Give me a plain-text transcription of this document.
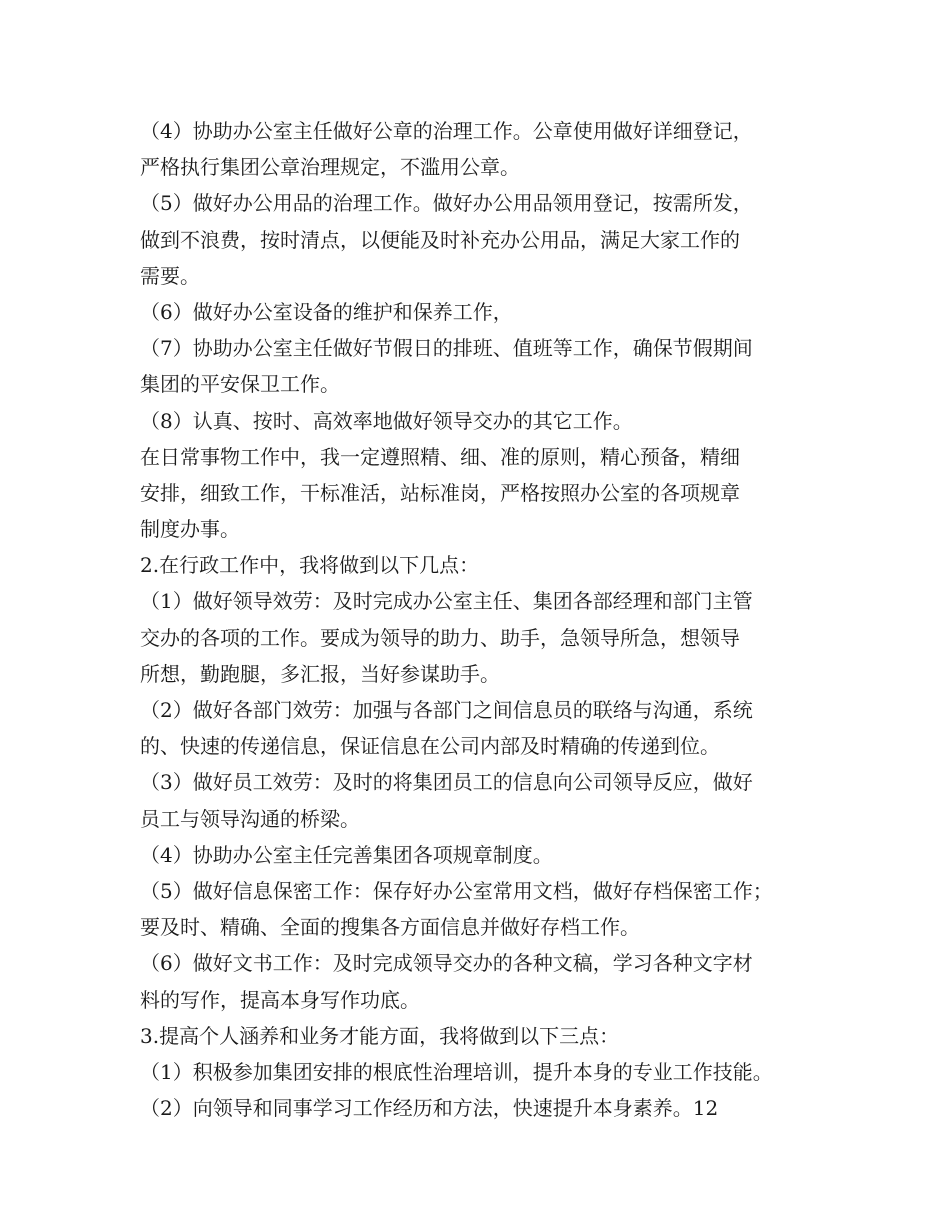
（4）协助办公室主任做好公章的治理工作。公章使用做好详细登记，
严格执行集团公章治理规定，不滥用公章。
（5）做好办公用品的治理工作。做好办公用品领用登记，按需所发，
做到不浪费，按时清点，以便能及时补充办公用品，满足大家工作的
需要。
（6）做好办公室设备的维护和保养工作，
（7）协助办公室主任做好节假日的排班、值班等工作，确保节假期间
集团的平安保卫工作。
（8）认真、按时、高效率地做好领导交办的其它工作。
在日常事物工作中，我一定遵照精、细、准的原则，精心预备，精细
安排，细致工作，干标准活，站标准岗，严格按照办公室的各项规章
制度办事。
2.在行政工作中，我将做到以下几点：
（1）做好领导效劳：及时完成办公室主任、集团各部经理和部门主管
交办的各项的工作。要成为领导的助力、助手，急领导所急，想领导
所想，勤跑腿，多汇报，当好参谋助手。
（2）做好各部门效劳：加强与各部门之间信息员的联络与沟通，系统
的、快速的传递信息，保证信息在公司内部及时精确的传递到位。
（3）做好员工效劳：及时的将集团员工的信息向公司领导反应，做好
员工与领导沟通的桥梁。
（4）协助办公室主任完善集团各项规章制度。
（5）做好信息保密工作：保存好办公室常用文档，做好存档保密工作；
要及时、精确、全面的搜集各方面信息并做好存档工作。
（6）做好文书工作：及时完成领导交办的各种文稿，学习各种文字材
料的写作，提高本身写作功底。
3.提高个人涵养和业务才能方面，我将做到以下三点：
（1）积极参加集团安排的根底性治理培训，提升本身的专业工作技能。
（2）向领导和同事学习工作经历和方法，快速提升本身素养。12
